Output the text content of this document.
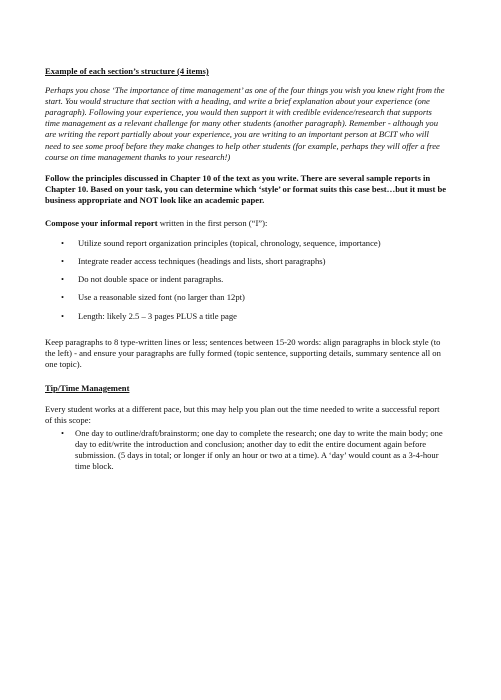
Example of each section’s structure (4 items)
Perhaps you chose ‘The importance of time management’ as one of the four things you wish you knew right from the start. You would structure that section with a heading, and write a brief explanation about your experience (one paragraph). Following your experience, you would then support it with credible evidence/research that supports time management as a relevant challenge for many other students (another paragraph). Remember - although you are writing the report partially about your experience, you are writing to an important person at BCIT who will need to see some proof before they make changes to help other students (for example, perhaps they will offer a free course on time management thanks to your research!)
Follow the principles discussed in Chapter 10 of the text as you write. There are several sample reports in Chapter 10. Based on your task, you can determine which ‘style’ or format suits this case best…but it must be business appropriate and NOT look like an academic paper.
Compose your informal report written in the first person (“I”):
• Utilize sound report organization principles (topical, chronology, sequence, importance)
• Integrate reader access techniques (headings and lists, short paragraphs)
• Do not double space or indent paragraphs.
• Use a reasonable sized font (no larger than 12pt)
• Length: likely 2.5 – 3 pages PLUS a title page
Keep paragraphs to 8 type-written lines or less; sentences between 15-20 words: align paragraphs in block style (to the left) - and ensure your paragraphs are fully formed (topic sentence, supporting details, summary sentence all on one topic).
Tip/Time Management
Every student works at a different pace, but this may help you plan out the time needed to write a successful report of this scope:
• One day to outline/draft/brainstorm; one day to complete the research; one day to write the main body; one day to edit/write the introduction and conclusion; another day to edit the entire document again before submission. (5 days in total; or longer if only an hour or two at a time). A ‘day’ would count as a 3-4-hour time block.
